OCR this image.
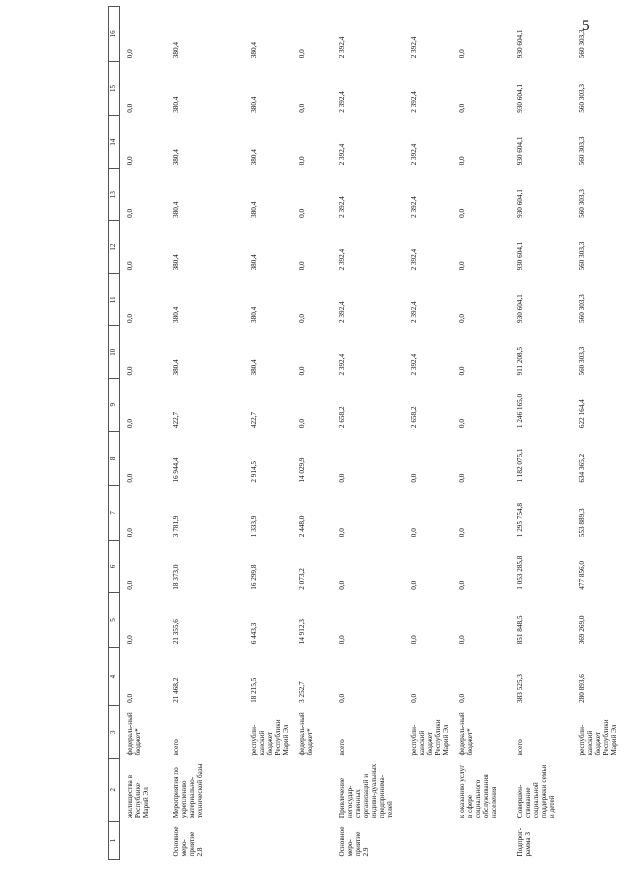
5
1	2	3	4	5	6	7	8	9	10	11	12	13	14	15	16
	жилищества в Республике Марий Эл	федераль-ный бюджет*	0,0	0,0	0,0	0,0	0,0	0,0	0,0	0,0	0,0	0,0	0,0	0,0	0,0
Основное меро-приятие 2.8	Мероприятия по укреплению материально-технической базы	всего	21 468,2	21 355,6	18 373,0	3 781,9	16 944,4	422,7	380,4	380,4	380,4	380,4	380,4	380,4	380,4
		республи-канский бюджет Республики Марий Эл	18 215,5	6 443,3	16 299,8	1 333,9	2 914,5	422,7	380,4	380,4	380,4	380,4	380,4	380,4	380,4
		федераль-ный бюджет*	3 252,7	14 912,3	2 073,2	2 448,0	14 029,9	0,0	0,0	0,0	0,0	0,0	0,0	0,0	0,0
Основное меро-приятие 2.9	Привлечение негосудар-ственных организаций и индиви-дуальных предпринима-телей	всего	0,0	0,0	0,0	0,0	0,0	2 658,2	2 392,4	2 392,4	2 392,4	2 392,4	2 392,4	2 392,4	2 392,4
		республи-канский бюджет Республики Марий Эл	0,0	0,0	0,0	0,0	0,0	2 658,2	2 392,4	2 392,4	2 392,4	2 392,4	2 392,4	2 392,4	2 392,4
	к оказанию услуг в сфере социального обслуживания населения	федераль-ный бюджет*	0,0	0,0	0,0	0,0	0,0	0,0	0,0	0,0	0,0	0,0	0,0	0,0	0,0
Подпрог-рамма 3	Совершен-ствование социальной поддержки семьи и детей	всего	383 525,3	851 848,5	1 053 285,8	1 295 754,8	1 182 075,1	1 246 165,0	911 208,5	930 604,1	930 604,1	930 604,1	930 604,1	930 604,1	930 604,1
		республи-канский бюджет Республики Марий Эл	280 893,6	369 269,0	477 856,0	553 889,3	634 365,2	622 164,4	560 303,3	560 303,3	560 303,3	560 303,3	560 303,3	560 303,3	560 303,3
